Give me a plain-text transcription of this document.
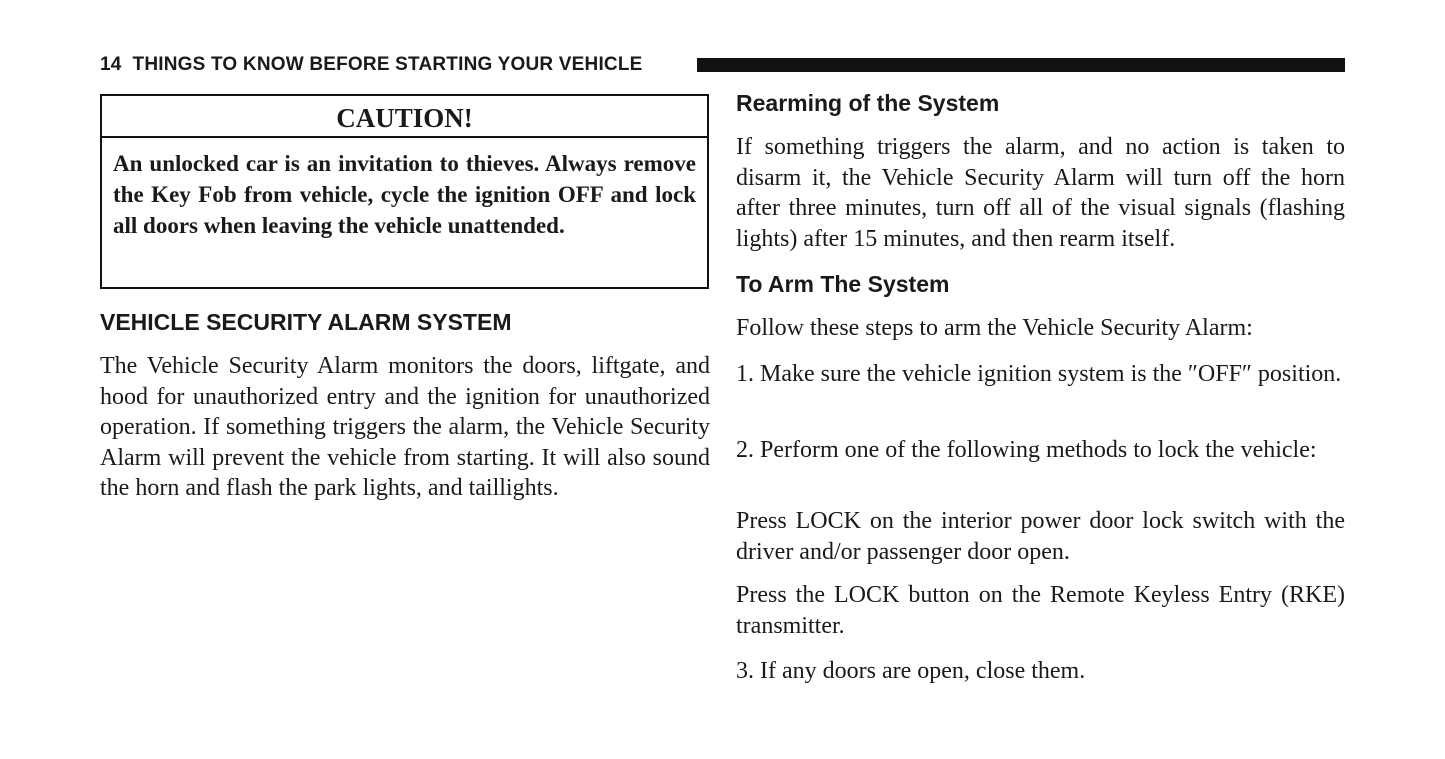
14 THINGS TO KNOW BEFORE STARTING YOUR VEHICLE
CAUTION!
An unlocked car is an invitation to thieves. Always remove the Key Fob from vehicle, cycle the ignition OFF and lock all doors when leaving the vehicle unattended.
VEHICLE SECURITY ALARM SYSTEM
The Vehicle Security Alarm monitors the doors, liftgate, and hood for unauthorized entry and the ignition for unauthorized operation. If something triggers the alarm, the Vehicle Security Alarm will prevent the vehicle from starting. It will also sound the horn and flash the park lights, and taillights.
Rearming of the System
If something triggers the alarm, and no action is taken to disarm it, the Vehicle Security Alarm will turn off the horn after three minutes, turn off all of the visual signals (flashing lights) after 15 minutes, and then rearm itself.
To Arm The System
Follow these steps to arm the Vehicle Security Alarm:
1. Make sure the vehicle ignition system is the ″OFF″ position.
2. Perform one of the following methods to lock the vehicle:
Press LOCK on the interior power door lock switch with the driver and/or passenger door open.
Press the LOCK button on the Remote Keyless Entry (RKE) transmitter.
3. If any doors are open, close them.
